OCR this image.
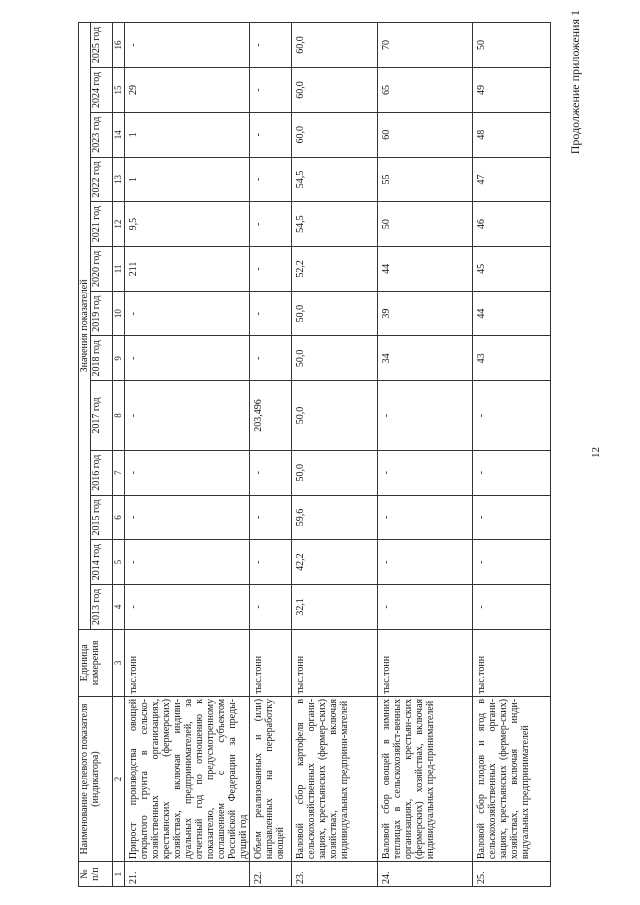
12
Продолжение приложения 1
№ п/п	Наименование целевого показателя (индикатора)	Единица измерения	Значения показателей												
			2013 год	2014 год	2015 год	2016 год	2017 год	2018 год	2019 год	2020 год	2021 год	2022 год	2023 год	2024 год	2025 год
1	2	3	4	5	6	7	8	9	10	11	12	13	14	15	16
21.	Прирост производства овощей открытого грунта в сельско-хозяйственных организациях, крестьянских (фермерских) хозяйствах, включая индиви-дуальных предпринимателей, за отчетный год по отношению к показателю, предусмотренному соглашением с субъектом Российской Федерации за преды-дущий год	тыс.тонн	-	-	-	-	-	-	-	211	9,5	1	1	29	-
22.	Объем реализованных и (или) направленных на переработку овощей	тыс.тонн	-	-	-	-	203,496	-	-	-	-	-	-	-	-
23.	Валовой сбор картофеля в сельскохозяйственных органи-зациях, крестьянских (фермер-ских) хозяйствах, включая индивидуальных предприни-мателей	тыс.тонн	32,1	42,2	59,6	50,0	50,0	50,0	50,0	52,2	54,5	54,5	60,0	60,0	60,0
24.	Валовой сбор овощей в зимних теплицах в сельскохозяйст-венных организациях, крестьян-ских (фермерских) хозяйствах, включая индивидуальных пред-принимателей	тыс.тонн	-	-	-	-	-	34	39	44	50	55	60	65	70
25.	Валовой сбор плодов и ягод в сельскохозяйственных органи-зациях, крестьянских (фермер-ских) хозяйствах, включая инди-видуальных предпринимателей	тыс.тонн	-	-	-	-	-	43	44	45	46	47	48	49	50
